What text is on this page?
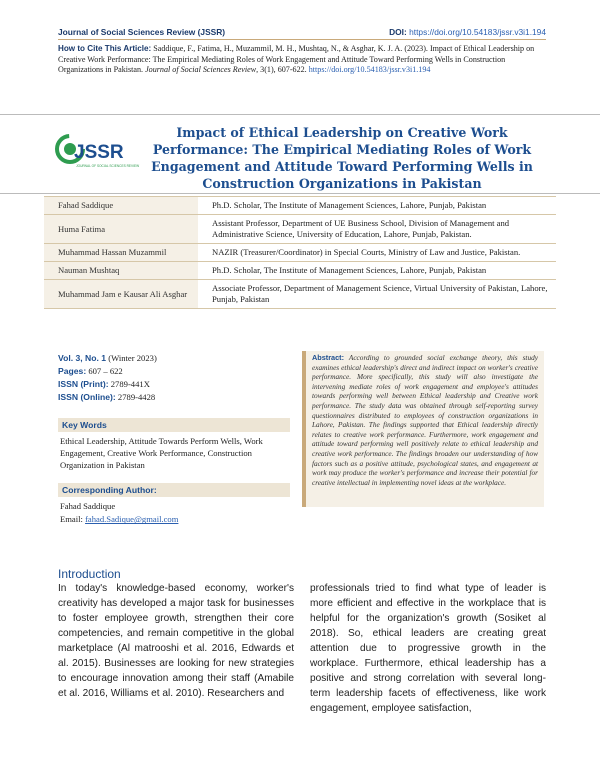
Journal of Social Sciences Review (JSSR)	DOI: https://doi.org/10.54183/jssr.v3i1.194
How to Cite This Article: Saddique, F., Fatima, H., Muzammil, M. H., Mushtaq, N., & Asghar, K. J. A. (2023). Impact of Ethical Leadership on Creative Work Performance: The Empirical Mediating Roles of Work Engagement and Attitude Toward Performing Wells in Construction Organizations in Pakistan. Journal of Social Sciences Review, 3(1), 607-622. https://doi.org/10.54183/jssr.v3i1.194
JSSR
JOURNAL OF SOCIAL SCIENCES REVIEW
Impact of Ethical Leadership on Creative Work Performance: The Empirical Mediating Roles of Work Engagement and Attitude Toward Performing Wells in Construction Organizations in Pakistan
Fahad Saddique	Ph.D. Scholar, The Institute of Management Sciences, Lahore, Punjab, Pakistan
Huma Fatima	Assistant Professor, Department of UE Business School, Division of Management and Administrative Science, University of Education, Lahore, Punjab, Pakistan.
Muhammad Hassan Muzammil	NAZIR (Treasurer/Coordinator) in Special Courts, Ministry of Law and Justice, Pakistan.
Nauman Mushtaq	Ph.D. Scholar, The Institute of Management Sciences, Lahore, Punjab, Pakistan
Muhammad Jam e Kausar Ali Asghar	Associate Professor, Department of Management Science, Virtual University of Pakistan, Lahore, Punjab, Pakistan
Vol. 3, No. 1 (Winter 2023)
Pages: 607 – 622
ISSN (Print): 2789-441X
ISSN (Online): 2789-4428
Key Words
Ethical Leadership, Attitude Towards Perform Wells, Work Engagement, Creative Work Performance, Construction Organization in Pakistan
Corresponding Author:
Fahad Saddique
Email: fahad.Sadique@gmail.com
Abstract: According to grounded social exchange theory, this study examines ethical leadership's direct and indirect impact on worker's creative performance. More specifically, this study will also investigate the intervening mediate roles of work engagement and employee's attitudes towards performing well between Ethical leadership and Creative work performance. The study data was obtained through self-reporting survey questionnaires distributed to employees of construction organizations in Lahore, Pakistan. The findings supported that Ethical leadership directly relates to creative work performance. Furthermore, work engagement and attitude toward performing well positively relate to ethical leadership and creative work performance. The findings broaden our understanding of how factors such as a positive attitude, psychological states, and engagement at work may produce the worker's performance and increase their potential for creative intellectual in implementing novel ideas at the workplace.
Introduction
In today's knowledge-based economy, worker's creativity has developed a major task for businesses to foster employee growth, strengthen their core competencies, and remain competitive in the global marketplace (Al matrooshi et al. 2016, Edwards et al. 2015). Businesses are looking for new strategies to encourage innovation among their staff (Amabile et al. 2016, Williams et al. 2010). Researchers and
professionals tried to find what type of leader is more efficient and effective in the workplace that is helpful for the organization's growth (Sosiket al 2018). So, ethical leaders are creating great attention due to progressive growth in the workplace. Furthermore, ethical leadership has a positive and strong correlation with several long-term leadership facets of effectiveness, like work engagement, employee satisfaction,
